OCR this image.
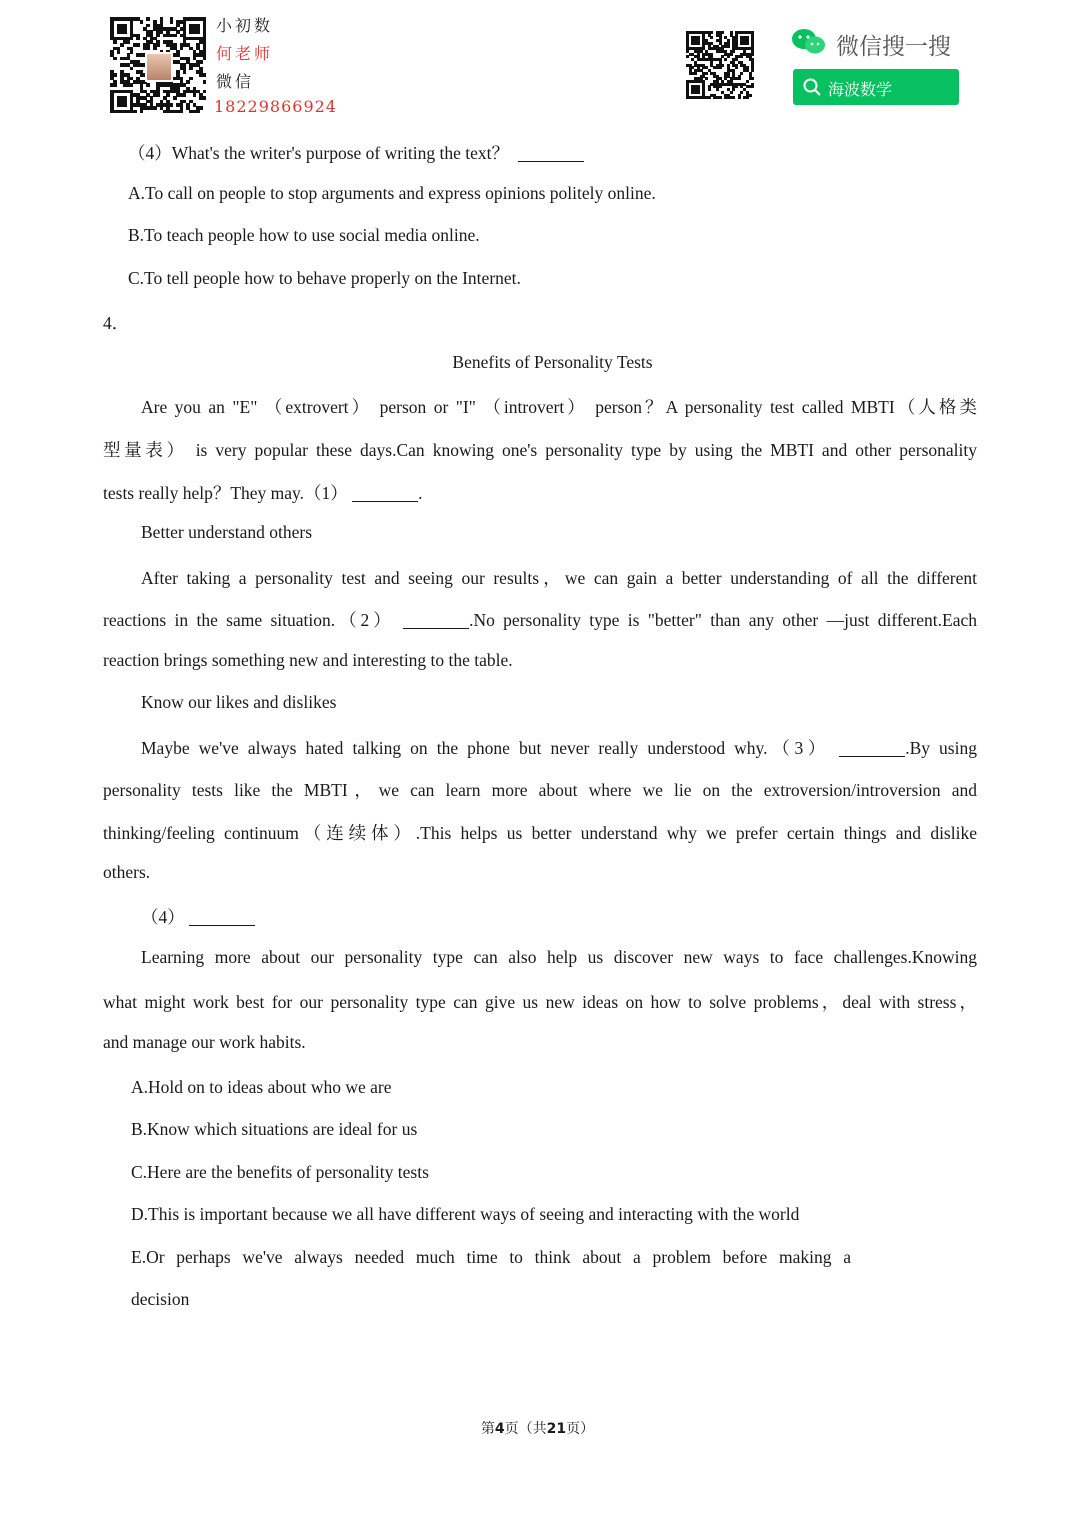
小初数
何老师
微信
18229866924
微信搜一搜
海波数学
（4）What's the writer's purpose of writing the text？
A.To call on people to stop arguments and express opinions politely online.
B.To teach people how to use social media online.
C.To tell people how to behave properly on the Internet.
4．
Benefits of Personality Tests
Are you an "E" （extrovert） person or "I" （introvert） person？A personality test called MBTI（人格类
型量表） is very popular these days.Can knowing one's personality type by using the MBTI and other personality
tests really help？They may.（1）	.
Better understand others
After taking a personality test and seeing our results，we can gain a better understanding of all the different
reactions in the same situation.（2）	.No personality type is "better" than any other —just different.Each
reaction brings something new and interesting to the table.
Know our likes and dislikes
Maybe we've always hated talking on the phone but never really understood why.（3）	.By using
personality tests like the MBTI，we can learn more about where we lie on the extroversion/introversion and
thinking/feeling continuum（连续体）.This helps us better understand why we prefer certain things and dislike
others.
（4）
Learning more about our personality type can also help us discover new ways to face challenges.Knowing
what might work best for our personality type can give us new ideas on how to solve problems，deal with stress，
and manage our work habits.
A.Hold on to ideas about who we are
B.Know which situations are ideal for us
C.Here are the benefits of personality tests
D.This is important because we all have different ways of seeing and interacting with the world
E.Or perhaps we've always needed much time to think about a problem before making a
decision
第4页（共21页）
